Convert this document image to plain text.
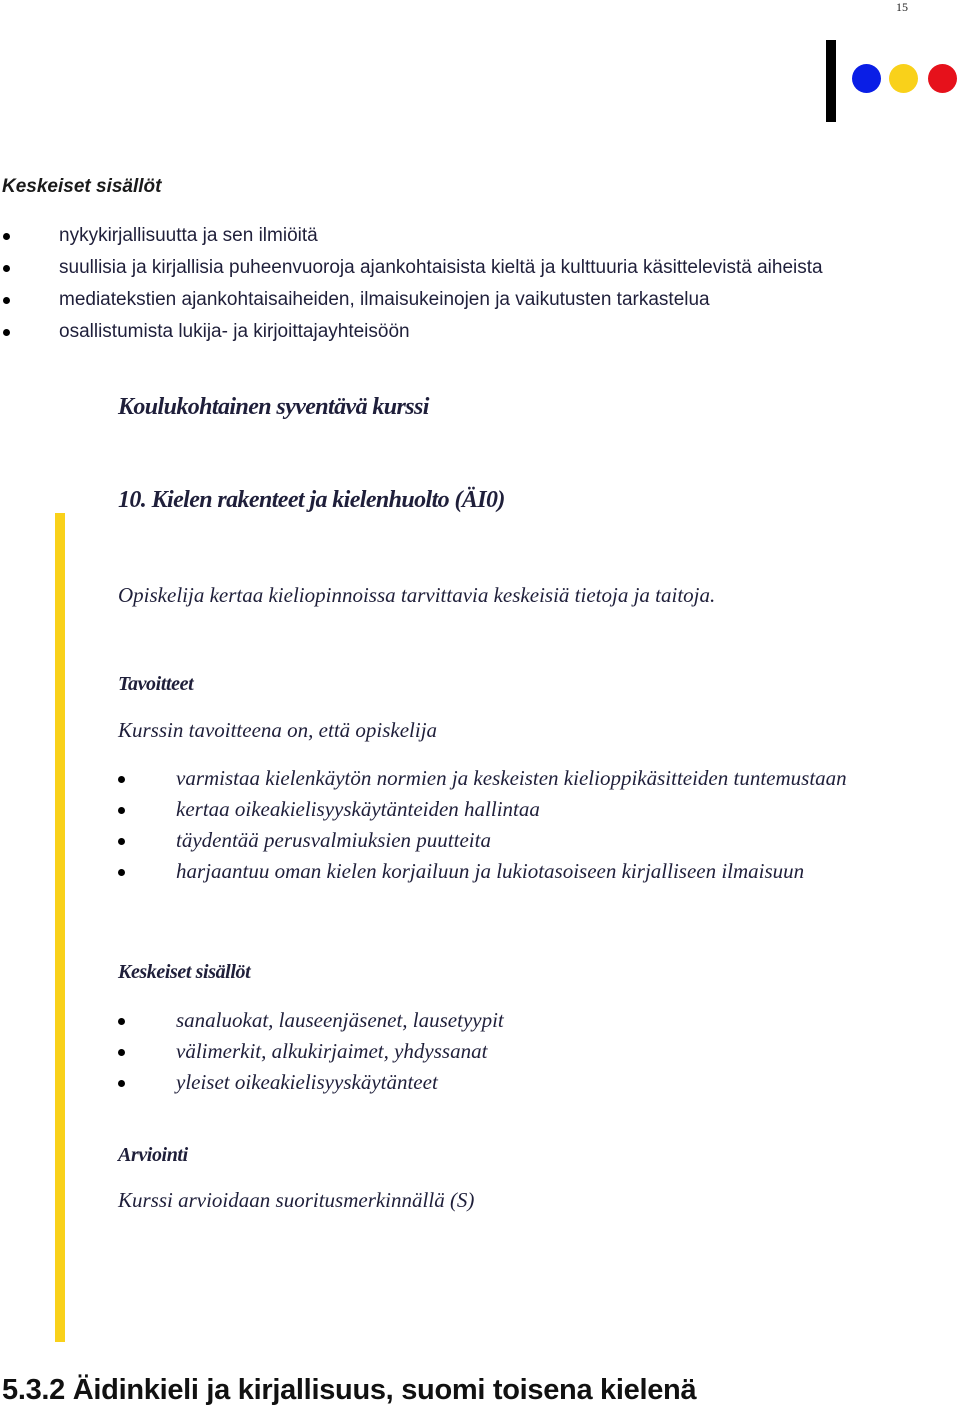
15
Keskeiset sisällöt
nykykirjallisuutta ja sen ilmiöitä
suullisia ja kirjallisia puheenvuoroja ajankohtaisista kieltä ja kulttuuria käsittelevistä aiheista
mediatekstien ajankohtaisaiheiden, ilmaisukeinojen ja vaikutusten tarkastelua
osallistumista lukija- ja kirjoittajayhteisöön
Koulukohtainen syventävä kurssi
10. Kielen rakenteet ja kielenhuolto (ÄI0)
Opiskelija kertaa kieliopinnoissa tarvittavia keskeisiä tietoja ja taitoja.
Tavoitteet
Kurssin tavoitteena on, että opiskelija
varmistaa kielenkäytön normien ja keskeisten kielioppikäsitteiden tuntemustaan
kertaa oikeakielisyyskäytänteiden hallintaa
täydentää perusvalmiuksien puutteita
harjaantuu oman kielen korjailuun ja lukiotasoiseen kirjalliseen ilmaisuun
Keskeiset sisällöt
sanaluokat, lauseenjäsenet, lausetyypit
välimerkit, alkukirjaimet, yhdyssanat
yleiset oikeakielisyyskäytänteet
Arviointi
Kurssi arvioidaan suoritusmerkinnällä (S)
5.3.2 Äidinkieli ja kirjallisuus, suomi toisena kielenä
